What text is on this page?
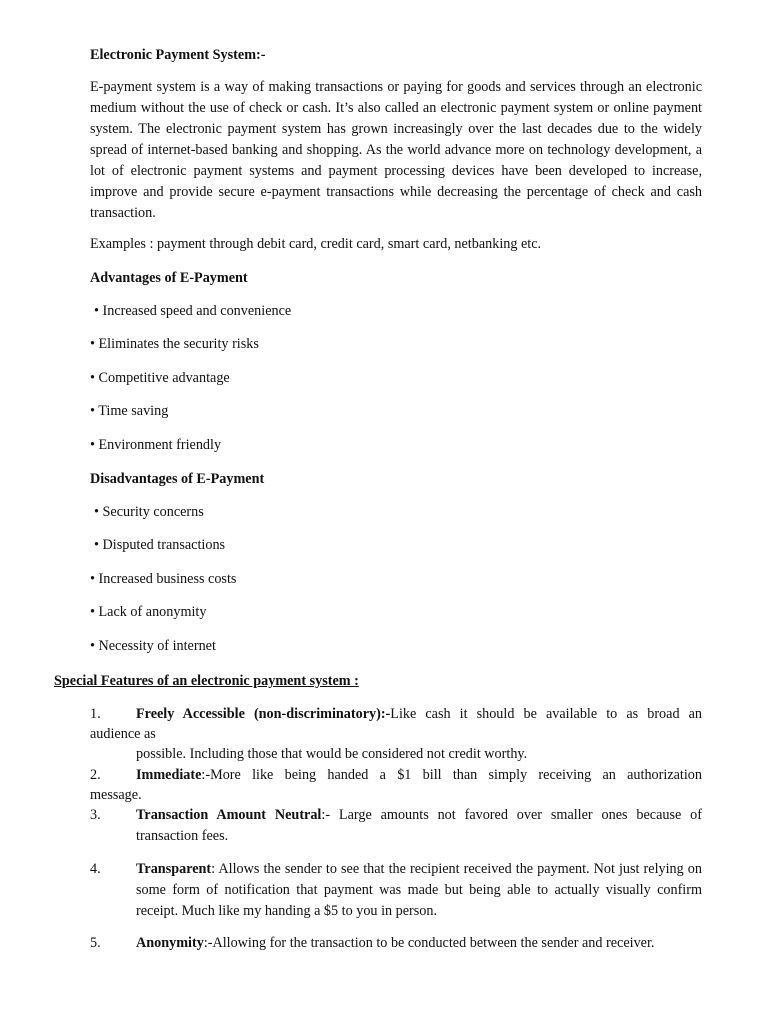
Electronic Payment System:-
E-payment system is a way of making transactions or paying for goods and services through an electronic medium without the use of check or cash. It’s also called an electronic payment system or online payment system. The electronic payment system has grown increasingly over the last decades due to the widely spread of internet-based banking and shopping. As the world advance more on technology development, a lot of electronic payment systems and payment processing devices have been developed to increase, improve and provide secure e-payment transactions while decreasing the percentage of check and cash transaction.
Examples : payment through debit card, credit card, smart card, netbanking etc.
Advantages of E-Payment
• Increased speed and convenience
• Eliminates the security risks
• Competitive advantage
• Time saving
• Environment friendly
Disadvantages of E-Payment
• Security concerns
• Disputed transactions
• Increased business costs
• Lack of anonymity
• Necessity of internet
Special Features of an electronic payment system :
1. Freely Accessible (non-discriminatory):-Like cash it should be available to as broad an
audience as
possible. Including those that would be considered not credit worthy.
2. Immediate:-More like being handed a $1 bill than simply receiving an authorization
message.
3. Transaction Amount Neutral:- Large amounts not favored over smaller ones because of transaction fees.
4. Transparent: Allows the sender to see that the recipient received the payment. Not just relying on some form of notification that payment was made but being able to actually visually confirm receipt. Much like my handing a $5 to you in person.
5. Anonymity:-Allowing for the transaction to be conducted between the sender and receiver.
